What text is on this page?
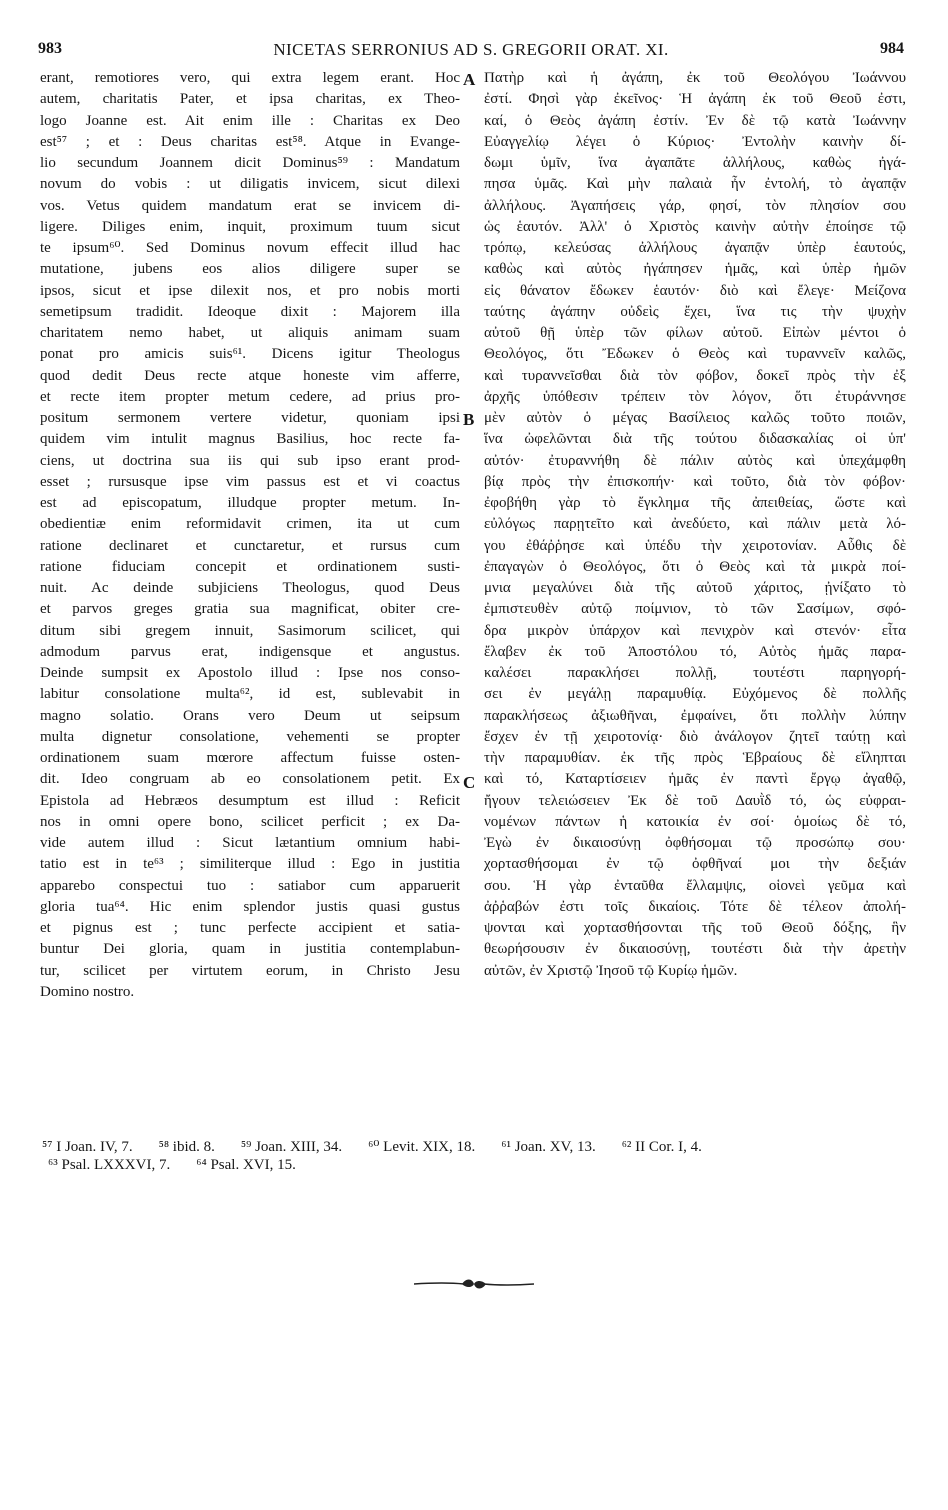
983	NICETAS SERRONIUS AD S. GREGORII ORAT. XI.	984
erant, remotiores vero, qui extra legem erant. Hoc
autem, charitatis Pater, et ipsa charitas, ex Theo-
logo Joanne est. Ait enim ille : Charitas ex Deo
est⁵⁷ ; et : Deus charitas est⁵⁸. Atque in Evange-
lio secundum Joannem dicit Dominus⁵⁹ : Mandatum
novum do vobis : ut diligatis invicem, sicut dilexi
vos. Vetus quidem mandatum erat se invicem di-
ligere. Diliges enim, inquit, proximum tuum sicut
te ipsum⁶⁰. Sed Dominus novum effecit illud hac
mutatione, jubens eos alios diligere super se
ipsos, sicut et ipse dilexit nos, et pro nobis morti
semetipsum tradidit. Ideoque dixit : Majorem illa
charitatem nemo habet, ut aliquis animam suam
ponat pro amicis suis⁶¹. Dicens igitur Theologus
quod dedit Deus recte atque honeste vim afferre,
et recte item propter metum cedere, ad prius pro-
positum sermonem vertere videtur, quoniam ipsi
quidem vim intulit magnus Basilius, hoc recte fa-
ciens, ut doctrina sua iis qui sub ipso erant prod-
esset ; rursusque ipse vim passus est et vi coactus
est ad episcopatum, illudque propter metum. In-
obedientiæ enim reformidavit crimen, ita ut cum
ratione declinaret et cunctaretur, et rursus cum
ratione fiduciam concepit et ordinationem susti-
nuit. Ac deinde subjiciens Theologus, quod Deus
et parvos greges gratia sua magnificat, obiter cre-
ditum sibi gregem innuit, Sasimorum scilicet, qui
admodum parvus erat, indigensque et angustus.
Deinde sumpsit ex Apostolo illud : Ipse nos conso-
labitur consolatione multa⁶², id est, sublevabit in
magno solatio. Orans vero Deum ut seipsum
multa dignetur consolatione, vehementi se propter
ordinationem suam mœrore affectum fuisse osten-
dit. Ideo congruam ab eo consolationem petit. Ex
Epistola ad Hebræos desumptum est illud : Reficit
nos in omni opere bono, scilicet perficit ; ex Da-
vide autem illud : Sicut lætantium omnium habi-
tatio est in te⁶³ ; similiterque illud : Ego in justitia
apparebo conspectui tuo : satiabor cum apparuerit
gloria tua⁶⁴. Hic enim splendor justis quasi gustus
et pignus est ; tunc perfecte accipient et satia-
buntur Dei gloria, quam in justitia contemplabun-
tur, scilicet per virtutem eorum, in Christo Jesu
Domino nostro.
Πατὴρ καὶ ἡ ἀγάπη, ἐκ τοῦ Θεολόγου Ἰωάννου
ἐστί. Φησὶ γὰρ ἐκεῖνος· Ἡ ἀγάπη ἐκ τοῦ Θεοῦ ἐστι,
καί, ὁ Θεὸς ἀγάπη ἐστίν. Ἐν δὲ τῷ κατὰ Ἰωάννην
Εὐαγγελίῳ λέγει ὁ Κύριος· Ἐντολὴν καινὴν δί-
δωμι ὑμῖν, ἵνα ἀγαπᾶτε ἀλλήλους, καθὼς ἠγά-
πησα ὑμᾶς. Καὶ μὴν παλαιὰ ἦν ἐντολή, τὸ ἀγαπᾷν
ἀλλήλους. Ἀγαπήσεις γάρ, φησί, τὸν πλησίον σου
ὡς ἑαυτόν. Ἀλλ' ὁ Χριστὸς καινὴν αὐτὴν ἐποίησε τῷ
τρόπῳ, κελεύσας ἀλλήλους ἀγαπᾷν ὑπὲρ ἑαυτούς,
καθὼς καὶ αὐτὸς ἠγάπησεν ἡμᾶς, καὶ ὑπὲρ ἡμῶν
εἰς θάνατον ἔδωκεν ἑαυτόν· διὸ καὶ ἔλεγε· Μείζονα
ταύτης ἀγάπην οὐδεὶς ἔχει, ἵνα τις τὴν ψυχὴν
αὐτοῦ θῇ ὑπὲρ τῶν φίλων αὐτοῦ. Εἰπὼν μέντοι ὁ
Θεολόγος, ὅτι Ἔδωκεν ὁ Θεὸς καὶ τυραννεῖν καλῶς,
καὶ τυραννεῖσθαι διὰ τὸν φόβον, δοκεῖ πρὸς τὴν ἐξ
ἀρχῆς ὑπόθεσιν τρέπειν τὸν λόγον, ὅτι ἐτυράννησε
μὲν αὐτὸν ὁ μέγας Βασίλειος καλῶς τοῦτο ποιῶν,
ἵνα ὠφελῶνται διὰ τῆς τούτου διδασκαλίας οἱ ὑπ'
αὐτόν· ἐτυραννήθη δὲ πάλιν αὐτὸς καὶ ὑπεχάμφθη
βίᾳ πρὸς τὴν ἐπισκοπήν· καὶ τοῦτο, διὰ τὸν φόβον·
ἐφοβήθη γὰρ τὸ ἔγκλημα τῆς ἀπειθείας, ὥστε καὶ
εὐλόγως παρῃτεῖτο καὶ ἀνεδύετο, καὶ πάλιν μετὰ λό-
γου ἐθάῤῥησε καὶ ὑπέδυ τὴν χειροτονίαν. Αὖθις δὲ
ἐπαγαγὼν ὁ Θεολόγος, ὅτι ὁ Θεὸς καὶ τὰ μικρὰ ποί-
μνια μεγαλύνει διὰ τῆς αὐτοῦ χάριτος, ᾐνίξατο τὸ
ἐμπιστευθὲν αὐτῷ ποίμνιον, τὸ τῶν Σασίμων, σφό-
δρα μικρὸν ὑπάρχον καὶ πενιχρὸν καὶ στενόν· εἶτα
ἔλαβεν ἐκ τοῦ Ἀποστόλου τό, Αὐτὸς ἡμᾶς παρα-
καλέσει παρακλήσει πολλῇ, τουτέστι παρηγορή-
σει ἐν μεγάλῃ παραμυθίᾳ. Εὐχόμενος δὲ πολλῆς
παρακλήσεως ἀξιωθῆναι, ἐμφαίνει, ὅτι πολλὴν λύπην
ἔσχεν ἐν τῇ χειροτονίᾳ· διὸ ἀνάλογον ζητεῖ ταύτῃ καὶ
τὴν παραμυθίαν. ἐκ τῆς πρὸς Ἑβραίους δὲ εἴληπται
καὶ τό, Καταρτίσειεν ἡμᾶς ἐν παντὶ ἔργῳ ἀγαθῷ,
ἤγουν τελειώσειεν Ἐκ δὲ τοῦ Δαυῒδ τό, ὡς εὐφραι-
νομένων πάντων ἡ κατοικία ἐν σοί· ὁμοίως δὲ τό,
Ἐγὼ ἐν δικαιοσύνῃ ὀφθήσομαι τῷ προσώπῳ σου·
χορτασθήσομαι ἐν τῷ ὀφθῆναί μοι τὴν δεξιάν
σου. Ἡ γὰρ ἐνταῦθα ἔλλαμψις, οἱονεὶ γεῦμα καὶ
ἀῤῥαβών ἐστι τοῖς δικαίοις. Τότε δὲ τέλεον ἀπολή-
ψονται καὶ χορτασθήσονται τῆς τοῦ Θεοῦ δόξης, ἣν
θεωρήσουσιν ἐν δικαιοσύνῃ, τουτέστι διὰ τὴν ἀρετὴν
αὐτῶν, ἐν Χριστῷ Ἰησοῦ τῷ Κυρίῳ ἡμῶν.
A
B
C
⁵⁷ I Joan. IV, 7. ⁵⁸ ibid. 8. ⁵⁹ Joan. XIII, 34. ⁶⁰ Levit. XIX, 18. ⁶¹ Joan. XV, 13. ⁶² II Cor. I, 4.
⁶³ Psal. LXXXVI, 7. ⁶⁴ Psal. XVI, 15.
